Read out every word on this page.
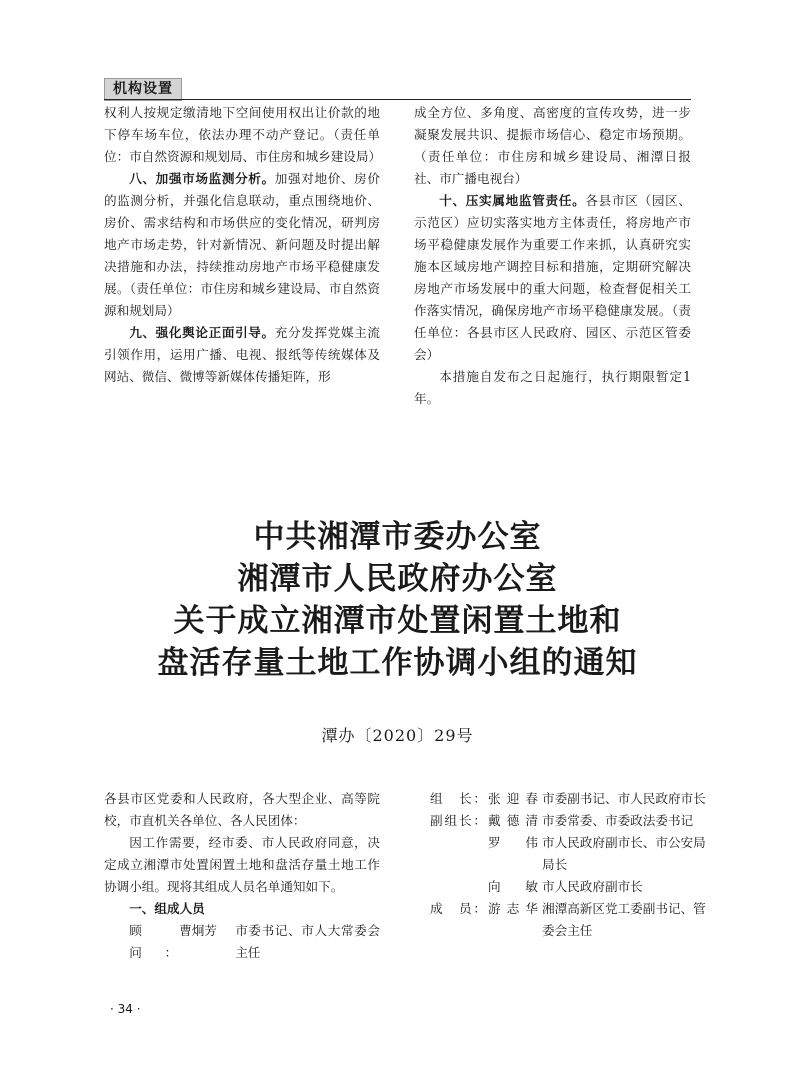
机构设置

权利人按规定缴清地下空间使用权出让价款的地下停车场车位，依法办理不动产登记。（责任单位：市自然资源和规划局、市住房和城乡建设局）

八、加强市场监测分析。加强对地价、房价的监测分析，并强化信息联动，重点围绕地价、房价、需求结构和市场供应的变化情况，研判房地产市场走势，针对新情况、新问题及时提出解决措施和办法，持续推动房地产市场平稳健康发展。（责任单位：市住房和城乡建设局、市自然资源和规划局）

九、强化舆论正面引导。充分发挥党媒主流引领作用，运用广播、电视、报纸等传统媒体及网站、微信、微博等新媒体传播矩阵，形

成全方位、多角度、高密度的宣传攻势，进一步凝聚发展共识、提振市场信心、稳定市场预期。（责任单位：市住房和城乡建设局、湘潭日报社、市广播电视台）

十、压实属地监管责任。各县市区（园区、示范区）应切实落实地方主体责任，将房地产市场平稳健康发展作为重要工作来抓，认真研究实施本区域房地产调控目标和措施，定期研究解决房地产市场发展中的重大问题，检查督促相关工作落实情况，确保房地产市场平稳健康发展。（责任单位：各县市区人民政府、园区、示范区管委会）

本措施自发布之日起施行，执行期限暂定1年。

中共湘潭市委办公室
湘潭市人民政府办公室
关于成立湘潭市处置闲置土地和
盘活存量土地工作协调小组的通知
潭办〔2020〕29号

各县市区党委和人民政府，各大型企业、高等院校，市直机关各单位、各人民团体：

因工作需要，经市委、市人民政府同意，决定成立湘潭市处置闲置土地和盘活存量土地工作协调小组。现将其组成人员名单通知如下。

一、组成人员

顾　问：
曹炯芳	市委书记、市人大常委会主任
组　长： 张迎春 市委副书记、市人民政府市长
副组长： 戴德清 市委常委、市委政法委书记
罗　伟 市人民政府副市长、市公安局局长
向　敏 市人民政府副市长
成　员： 游志华 湘潭高新区党工委副书记、管委会主任
· 34 ·
